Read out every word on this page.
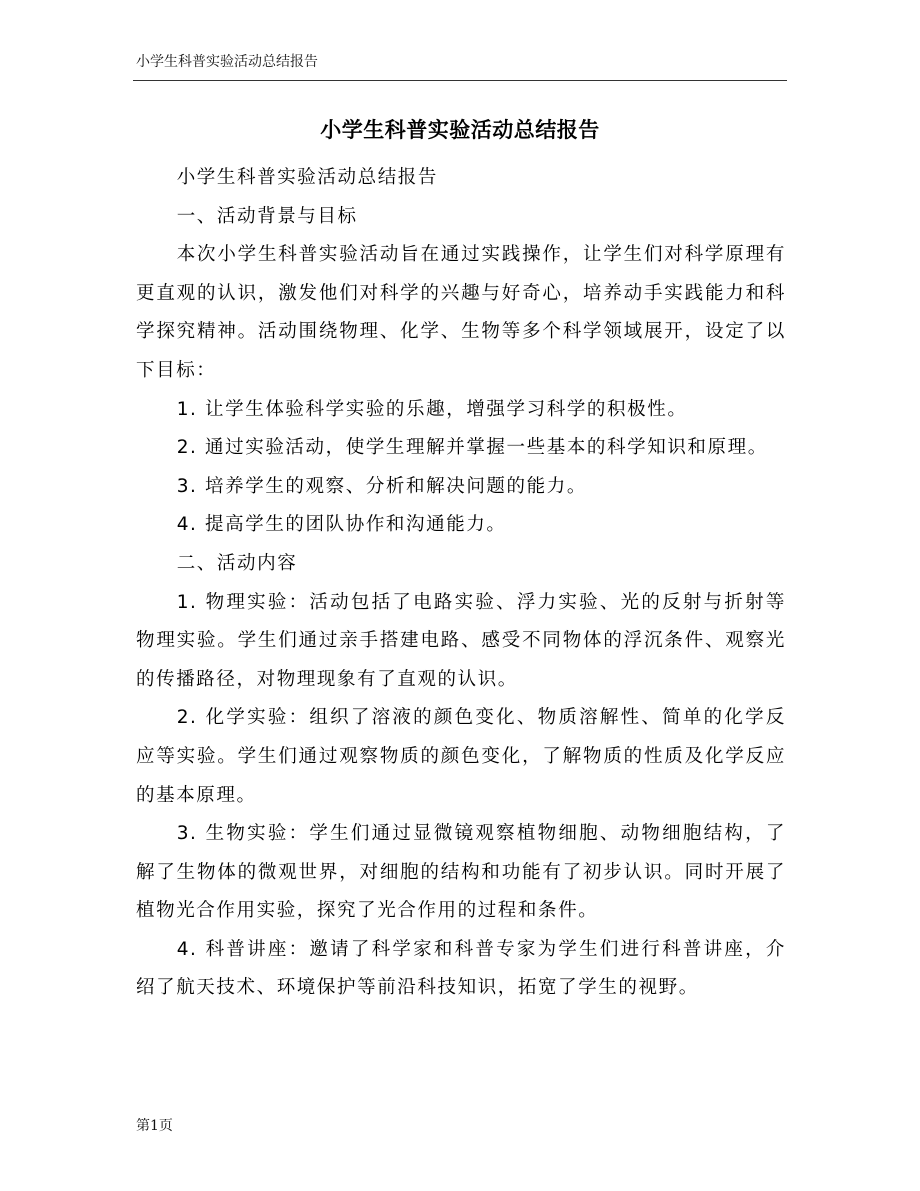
小学生科普实验活动总结报告
小学生科普实验活动总结报告

小学生科普实验活动总结报告

一、活动背景与目标

本次小学生科普实验活动旨在通过实践操作，让学生们对科学原理有更直观的认识，激发他们对科学的兴趣与好奇心，培养动手实践能力和科学探究精神。活动围绕物理、化学、生物等多个科学领域展开，设定了以下目标：

1. 让学生体验科学实验的乐趣，增强学习科学的积极性。

2. 通过实验活动，使学生理解并掌握一些基本的科学知识和原理。

3. 培养学生的观察、分析和解决问题的能力。

4. 提高学生的团队协作和沟通能力。

二、活动内容

1. 物理实验：活动包括了电路实验、浮力实验、光的反射与折射等物理实验。学生们通过亲手搭建电路、感受不同物体的浮沉条件、观察光的传播路径，对物理现象有了直观的认识。

2. 化学实验：组织了溶液的颜色变化、物质溶解性、简单的化学反应等实验。学生们通过观察物质的颜色变化，了解物质的性质及化学反应的基本原理。

3. 生物实验：学生们通过显微镜观察植物细胞、动物细胞结构，了解了生物体的微观世界，对细胞的结构和功能有了初步认识。同时开展了植物光合作用实验，探究了光合作用的过程和条件。

4. 科普讲座：邀请了科学家和科普专家为学生们进行科普讲座，介绍了航天技术、环境保护等前沿科技知识，拓宽了学生的视野。

第1页
